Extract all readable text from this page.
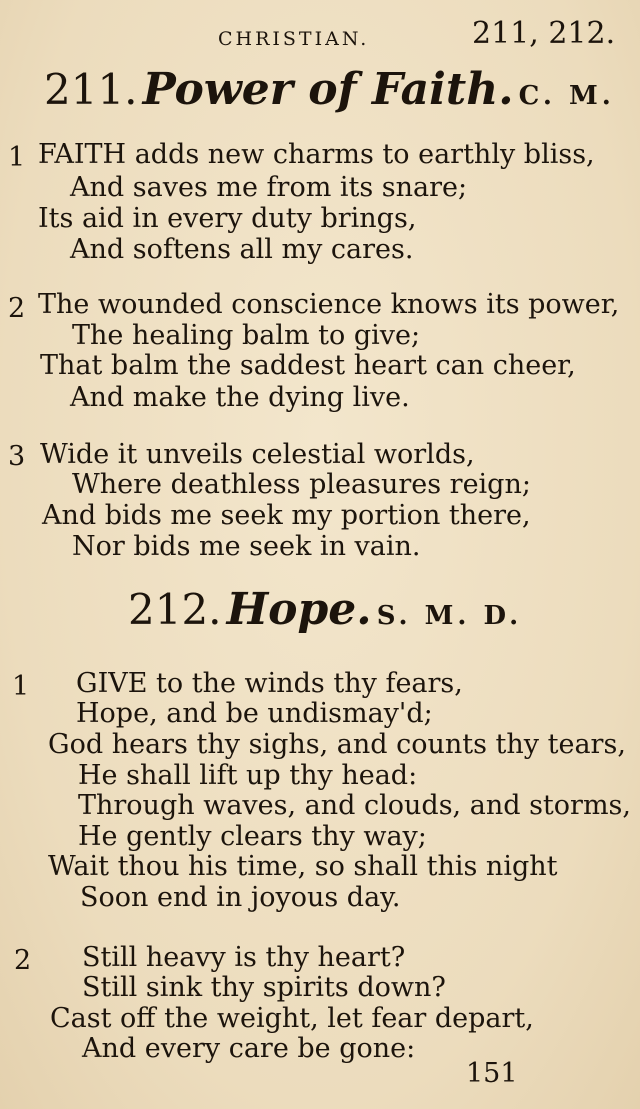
CHRISTIAN.	211, 212.
211. Power of Faith. C. M.
1 FAITH adds new charms to earthly bliss,
And saves me from its snare;
Its aid in every duty brings,
And softens all my cares.
2 The wounded conscience knows its power,
The healing balm to give;
That balm the saddest heart can cheer,
And make the dying live.
3 Wide it unveils celestial worlds,
Where deathless pleasures reign;
And bids me seek my portion there,
Nor bids me seek in vain.
212. Hope. S. M. D.
1 GIVE to the winds thy fears,
Hope, and be undismay'd;
God hears thy sighs, and counts thy tears,
He shall lift up thy head:
Through waves, and clouds, and storms,
He gently clears thy way;
Wait thou his time, so shall this night
Soon end in joyous day.
2 Still heavy is thy heart?
Still sink thy spirits down?
Cast off the weight, let fear depart,
And every care be gone:
151
